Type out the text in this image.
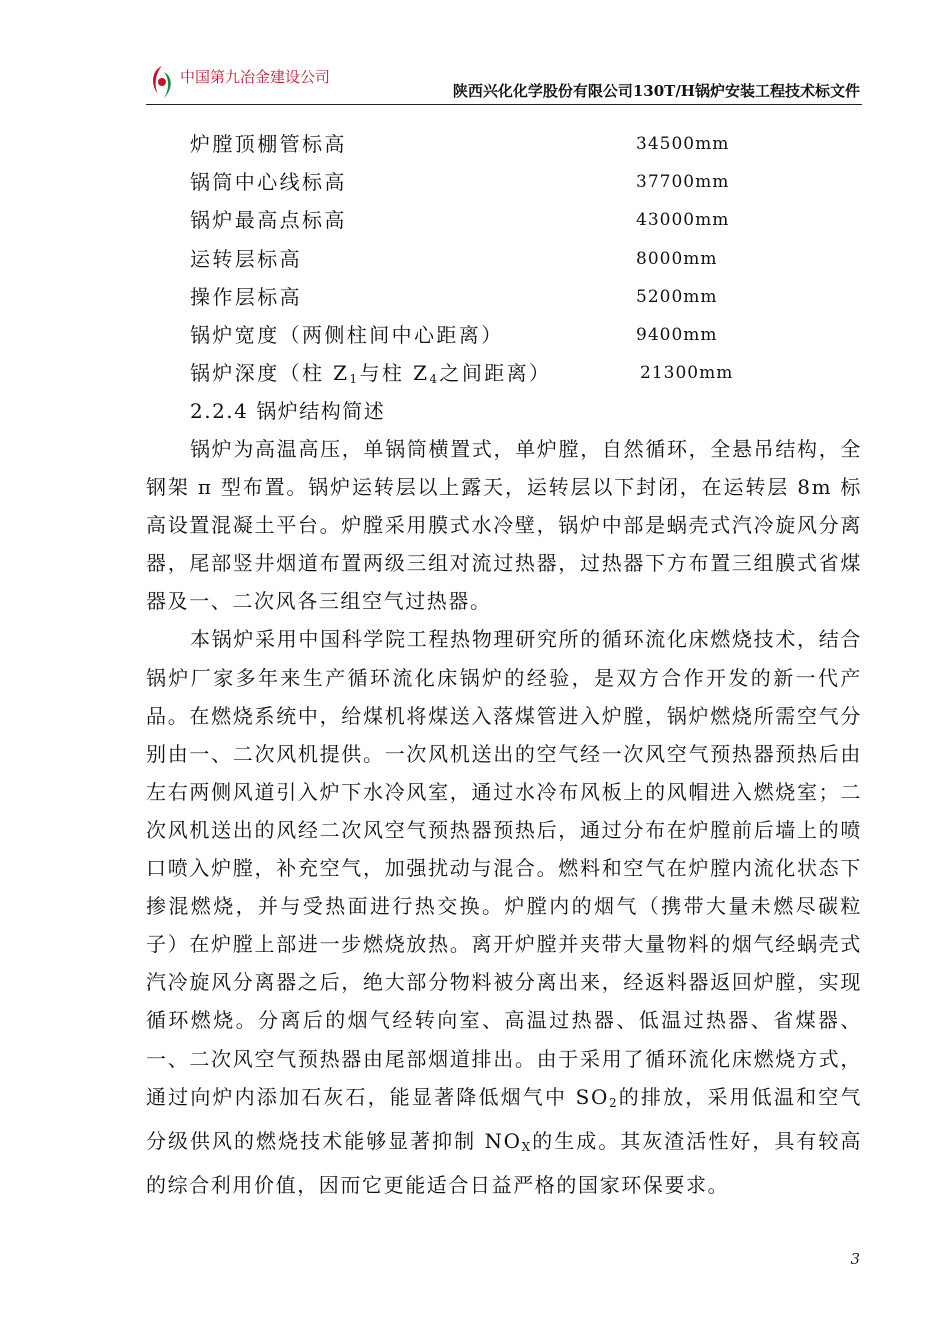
中国第九冶金建设公司
陕西兴化化学股份有限公司130T/H锅炉安装工程技术标文件
炉膛顶棚管标高	34500mm
锅筒中心线标高	37700mm
锅炉最高点标高	43000mm
运转层标高	8000mm
操作层标高	5200mm
锅炉宽度（两侧柱间中心距离）	9400mm
锅炉深度（柱 $Z_1$与柱 $Z_4$之间距离）	21300mm
2.2.4 锅炉结构简述

锅炉为高温高压，单锅筒横置式，单炉膛，自然循环，全悬吊结构，全钢架 π 型布置。锅炉运转层以上露天，运转层以下封闭，在运转层 8m 标高设置混凝土平台。炉膛采用膜式水冷壁，锅炉中部是蜗壳式汽冷旋风分离器，尾部竖井烟道布置两级三组对流过热器，过热器下方布置三组膜式省煤器及一、二次风各三组空气过热器。

本锅炉采用中国科学院工程热物理研究所的循环流化床燃烧技术，结合锅炉厂家多年来生产循环流化床锅炉的经验，是双方合作开发的新一代产品。在燃烧系统中，给煤机将煤送入落煤管进入炉膛，锅炉燃烧所需空气分别由一、二次风机提供。一次风机送出的空气经一次风空气预热器预热后由左右两侧风道引入炉下水冷风室，通过水冷布风板上的风帽进入燃烧室；二次风机送出的风经二次风空气预热器预热后，通过分布在炉膛前后墙上的喷口喷入炉膛，补充空气，加强扰动与混合。燃料和空气在炉膛内流化状态下掺混燃烧，并与受热面进行热交换。炉膛内的烟气（携带大量未燃尽碳粒子）在炉膛上部进一步燃烧放热。离开炉膛并夹带大量物料的烟气经蜗壳式汽冷旋风分离器之后，绝大部分物料被分离出来，经返料器返回炉膛，实现循环燃烧。分离后的烟气经转向室、高温过热器、低温过热器、省煤器、一、二次风空气预热器由尾部烟道排出。由于采用了循环流化床燃烧方式，通过向炉内添加石灰石，能显著降低烟气中 $SO_2$的排放，采用低温和空气分级供风的燃烧技术能够显著抑制 $NO_X$的生成。其灰渣活性好，具有较高的综合利用价值，因而它更能适合日益严格的国家环保要求。

3
